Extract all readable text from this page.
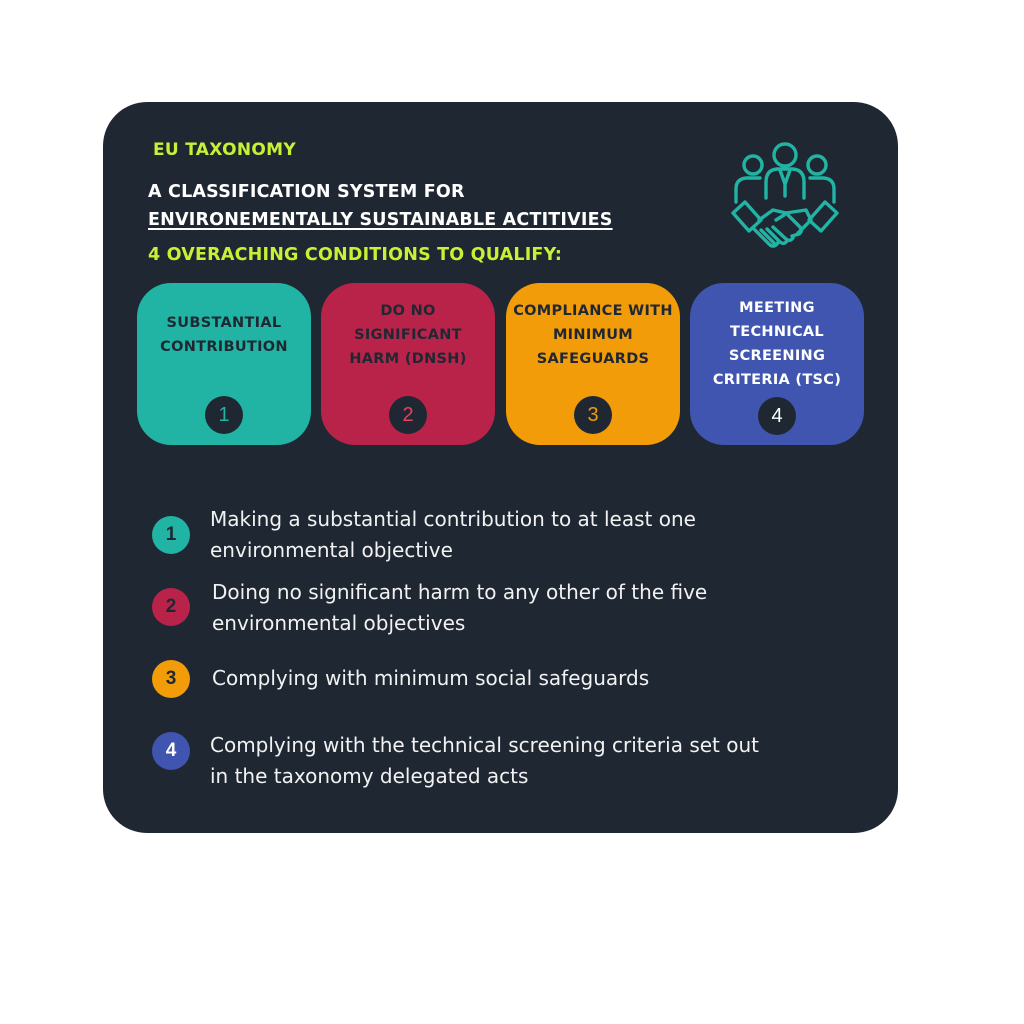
EU TAXONOMY
A CLASSIFICATION SYSTEM FOR
ENVIRONEMENTALLY SUSTAINABLE ACTITIVIES
4 OVERACHING CONDITIONS TO QUALIFY:
SUBSTANTIAL CONTRIBUTION
1
DO NO SIGNIFICANT HARM (DNSH)
2
COMPLIANCE WITH MINIMUM SAFEGUARDS
3
MEETING TECHNICAL SCREENING CRITERIA (TSC)
4
1
Making a substantial contribution to at least one environmental objective
2
Doing no significant harm to any other of the five environmental objectives
3	Complying with minimum social safeguards
4	Complying with the technical screening criteria set out in the taxonomy delegated acts
